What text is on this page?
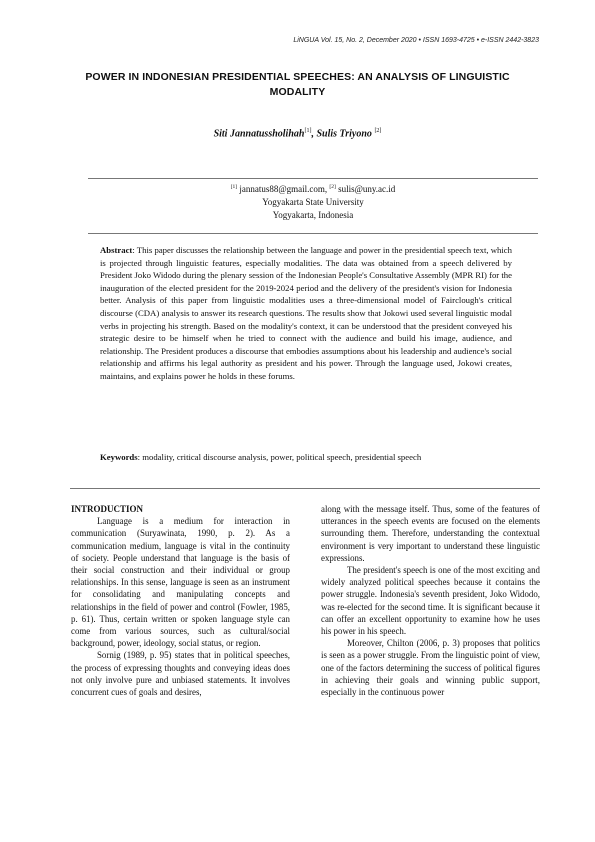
LiNGUA Vol. 15, No. 2, December 2020 • ISSN 1693-4725 • e-ISSN 2442-3823
POWER IN INDONESIAN PRESIDENTIAL SPEECHES: AN ANALYSIS OF LINGUISTIC MODALITY
Siti Jannatussholihah[1], Sulis Triyono [2]
[1] jannatus88@gmail.com, [2] sulis@uny.ac.id
Yogyakarta State University
Yogyakarta, Indonesia
Abstract: This paper discusses the relationship between the language and power in the presidential speech text, which is projected through linguistic features, especially modalities. The data was obtained from a speech delivered by President Joko Widodo during the plenary session of the Indonesian People's Consultative Assembly (MPR RI) for the inauguration of the elected president for the 2019-2024 period and the delivery of the president's vision for Indonesia better. Analysis of this paper from linguistic modalities uses a three-dimensional model of Fairclough's critical discourse (CDA) analysis to answer its research questions. The results show that Jokowi used several linguistic modal verbs in projecting his strength. Based on the modality's context, it can be understood that the president conveyed his strategic desire to be himself when he tried to connect with the audience and build his image, audience, and relationship. The President produces a discourse that embodies assumptions about his leadership and audience's social relationship and affirms his legal authority as president and his power. Through the language used, Jokowi creates, maintains, and explains power he holds in these forums.
Keywords: modality, critical discourse analysis, power, political speech, presidential speech
INTRODUCTION

Language is a medium for interaction in communication (Suryawinata, 1990, p. 2). As a communication medium, language is vital in the continuity of society. People understand that language is the basis of their social construction and their individual or group relationships. In this sense, language is seen as an instrument for consolidating and manipulating concepts and relationships in the field of power and control (Fowler, 1985, p. 61). Thus, certain written or spoken language style can come from various sources, such as cultural/social background, power, ideology, social status, or region.

Sornig (1989, p. 95) states that in political speeches, the process of expressing thoughts and conveying ideas does not only involve pure and unbiased statements. It involves concurrent cues of goals and desires,

along with the message itself. Thus, some of the features of utterances in the speech events are focused on the elements surrounding them. Therefore, understanding the contextual environment is very important to understand these linguistic expressions.

The president's speech is one of the most exciting and widely analyzed political speeches because it contains the power struggle. Indonesia's seventh president, Joko Widodo, was re-elected for the second time. It is significant because it can offer an excellent opportunity to examine how he uses his power in his speech.

Moreover, Chilton (2006, p. 3) proposes that politics is seen as a power struggle. From the linguistic point of view, one of the factors determining the success of political figures in achieving their goals and winning public support, especially in the continuous power
